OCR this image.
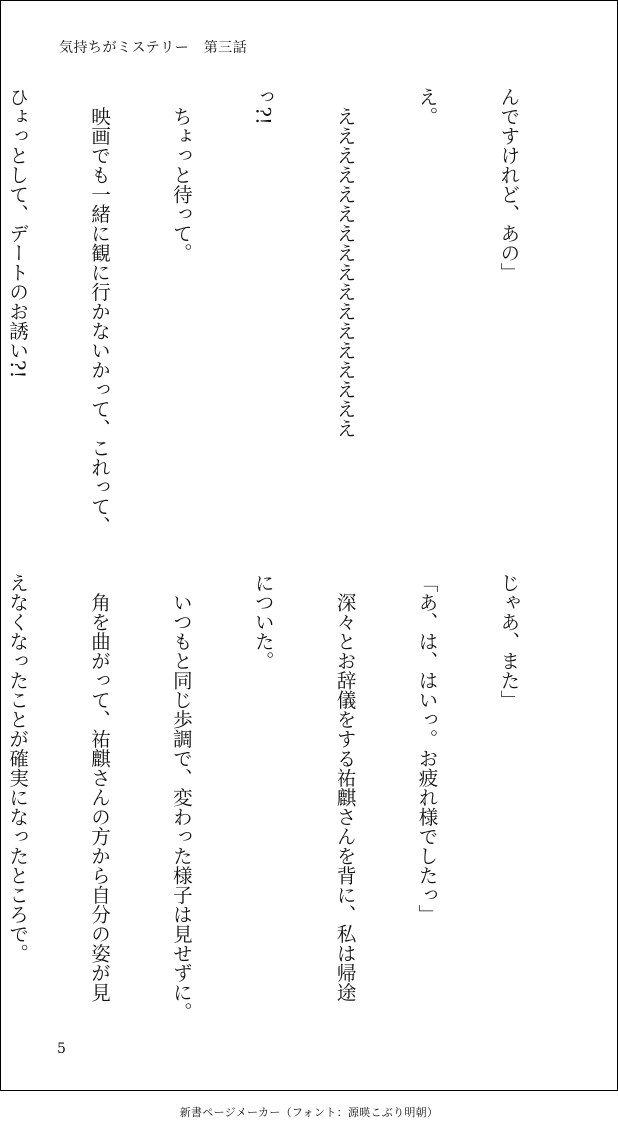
気持ちがミステリー　第三話

んですけれど、あの」

え。

　えええええええええええええええええ

っ?!

　ちょっと待って。

　映画でも一緒に観に行かないかって、これって、

ひょっとして、デートのお誘い?!

じゃあ、また」

「あ、は、はいっ。お疲れ様でしたっ」

　深々とお辞儀をする祐麒さんを背に、私は帰途

についた。

　いつもと同じ歩調で、変わった様子は見せずに。

　角を曲がって、祐麒さんの方から自分の姿が見

えなくなったことが確実になったところで。

5
新書ページメーカー（フォント：源暎こぶり明朝）
